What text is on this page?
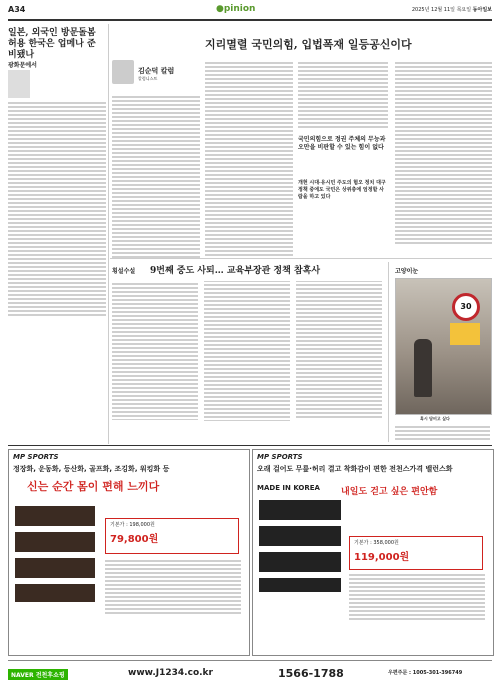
A34	●pinion	2025년 12월 11일 목요일 동아일보
일본, 외국인 방문돌봄 허용 한국은 업메나 준비됐나
광화문에서
지리멸렬 국민의힘, 입법폭재 일등공신이다
김순덕 칼럼
칼럼니스트
국민의힘으로 정권 주체의 무능과 오만을 비판할 수 있는 힘이 없다
개헌 시대·유시민 주도의 혐오 정치 대구 정책 중에도 국민은 상위층에 엄정할 사람을 하고 있다
횡설수설 9번째 중도 사퇴… 교육부장관 정책 참혹사	고양이눈
30
혹시 담비고 싶다
MP SPORTS
정장화, 운동화, 등산화, 골프화, 조깅화, 워킹화 등
신는 순간 몸이 편해 느끼다
기본가 : 198,000원
79,800원
MP SPORTS
오래 걸어도 무릎·허리 결고 착화감이 편한 전천스가격 밸런스화
MADE IN KOREA 내일도 걷고 싶은 편안함
기본가 : 358,000원
119,000원
NAVER 전천후쇼핑	www.J1234.co.kr	1566-1788	우편주문 : 1005-301-396749
